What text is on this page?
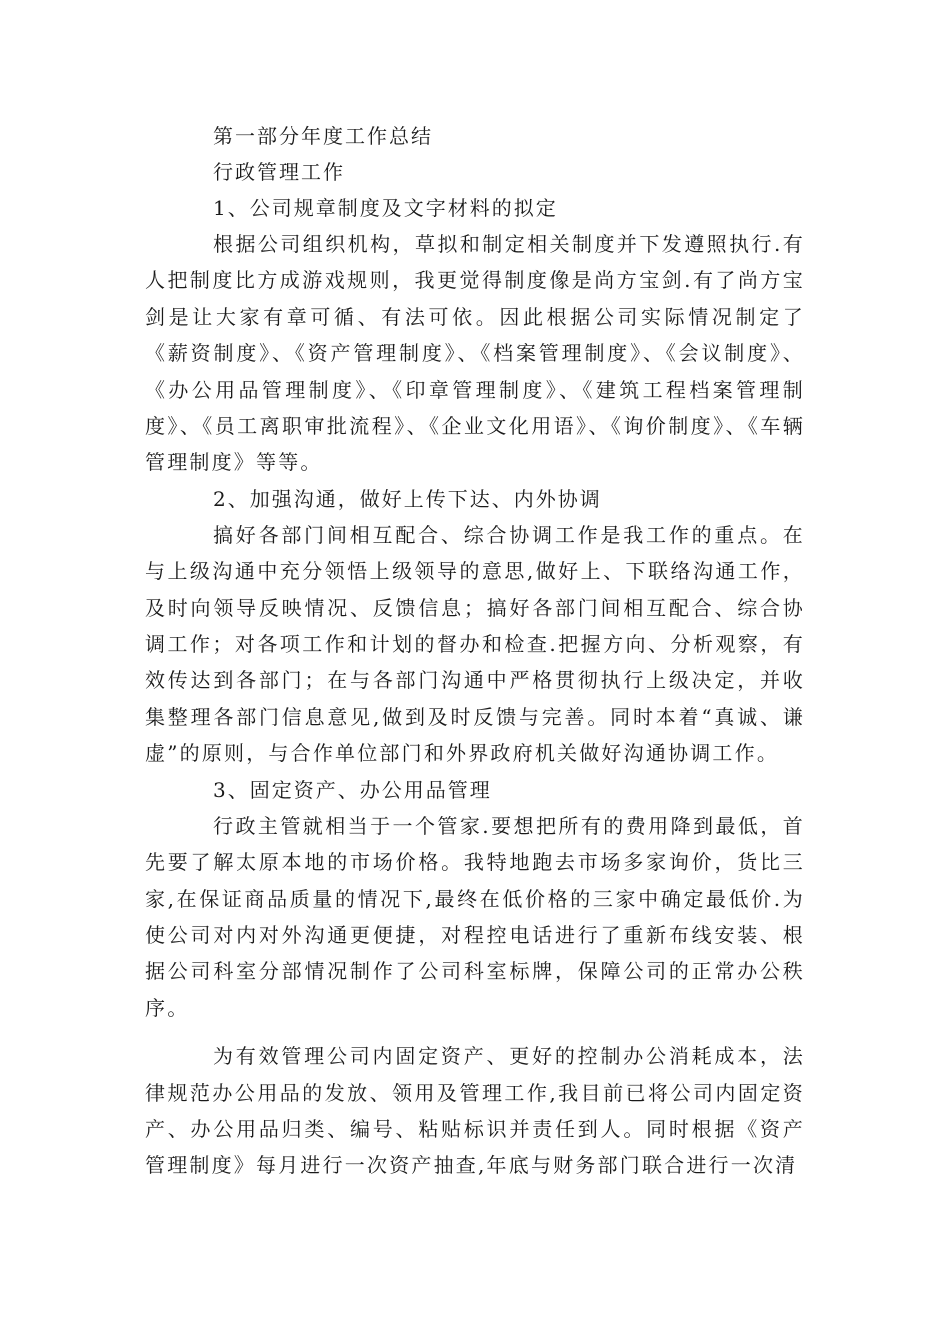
第一部分年度工作总结
行政管理工作
1、公司规章制度及文字材料的拟定

根据公司组织机构，草拟和制定相关制度并下发遵照执行.有人把制度比方成游戏规则，我更觉得制度像是尚方宝剑.有了尚方宝剑是让大家有章可循、有法可依。因此根据公司实际情况制定了《薪资制度》、《资产管理制度》、《档案管理制度》、《会议制度》、《办公用品管理制度》、《印章管理制度》、《建筑工程档案管理制度》、《员工离职审批流程》、《企业文化用语》、《询价制度》、《车辆管理制度》等等。

2、加强沟通，做好上传下达、内外协调

搞好各部门间相互配合、综合协调工作是我工作的重点。在与上级沟通中充分领悟上级领导的意思,做好上、下联络沟通工作，及时向领导反映情况、反馈信息；搞好各部门间相互配合、综合协调工作；对各项工作和计划的督办和检查.把握方向、分析观察，有效传达到各部门；在与各部门沟通中严格贯彻执行上级决定，并收集整理各部门信息意见,做到及时反馈与完善。同时本着“真诚、谦虚”的原则，与合作单位部门和外界政府机关做好沟通协调工作。

3、固定资产、办公用品管理

行政主管就相当于一个管家.要想把所有的费用降到最低，首先要了解太原本地的市场价格。我特地跑去市场多家询价，货比三家,在保证商品质量的情况下,最终在低价格的三家中确定最低价.为使公司对内对外沟通更便捷，对程控电话进行了重新布线安装、根据公司科室分部情况制作了公司科室标牌，保障公司的正常办公秩序。

为有效管理公司内固定资产、更好的控制办公消耗成本，法律规范办公用品的发放、领用及管理工作,我目前已将公司内固定资产、办公用品归类、编号、粘贴标识并责任到人。同时根据《资产管理制度》每月进行一次资产抽查,年底与财务部门联合进行一次清
